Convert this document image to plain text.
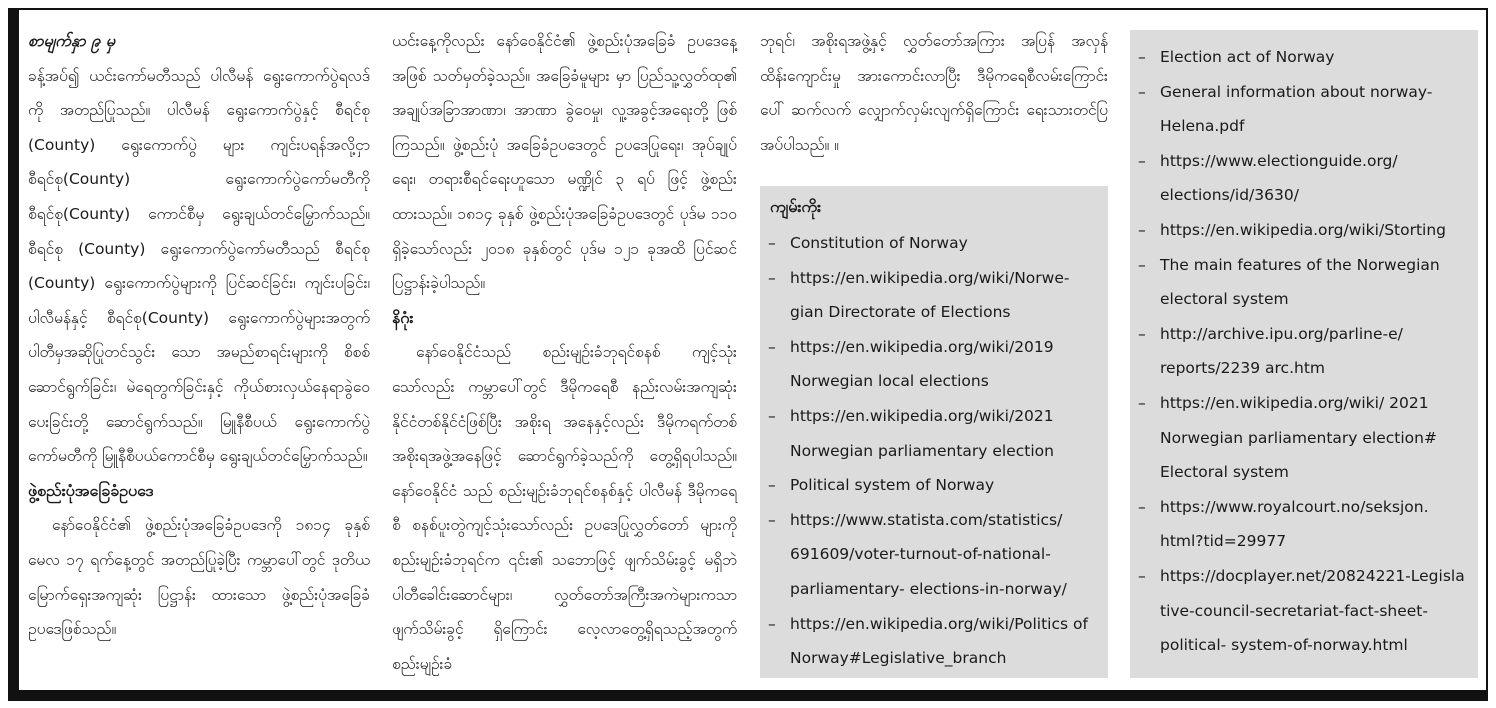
စာမျက်နှာ ၉ မှ

ခန့်အပ်၍ ယင်းကော်မတီသည် ပါလီမန် ရွေးကောက်ပွဲရလဒ်ကို အတည်ပြုသည်။ ပါလီမန် ရွေးကောက်ပွဲနှင့် စီရင်စု (County) ရွေးကောက်ပွဲ များ ကျင်းပရန်အလို့ငှာ စီရင်စု(County) ရွေးကောက်ပွဲကော်မတီကို စီရင်စု(County) ကောင်စီမှ ရွေးချယ်တင်မြှောက်သည်။ စီရင်စု (County) ရွေးကောက်ပွဲကော်မတီသည် စီရင်စု (County) ရွေးကောက်ပွဲများကို ပြင်ဆင်ခြင်း၊ ကျင်းပခြင်း၊ ပါလီမန်နှင့် စီရင်စု(County) ရွေးကောက်ပွဲများအတွက် ပါတီမှအဆိုပြုတင်သွင်း သော အမည်စာရင်းများကို စိစစ်ဆောင်ရွက်ခြင်း၊ မဲရေတွက်ခြင်းနှင့် ကိုယ်စားလှယ်နေရာခွဲဝေ ပေးခြင်းတို့ ဆောင်ရွက်သည်။ မြူနီစီပယ် ရွေးကောက်ပွဲကော်မတီကို မြူနီစီပယ်ကောင်စီမှ ရွေးချယ်တင်မြှောက်သည်။

ဖွဲ့စည်းပုံအခြေခံဥပဒေ

နော်ဝေနိုင်ငံ၏ ဖွဲ့စည်းပုံအခြေခံဥပဒေကို ၁၈၁၄ ခုနှစ် မေလ ၁၇ ရက်နေ့တွင် အတည်ပြုခဲ့ပြီး ကမ္ဘာပေါ်တွင် ဒုတိယမြောက်ရှေးအကျဆုံး ပြဋ္ဌာန်း ထားသော ဖွဲ့စည်းပုံအခြေခံဥပဒေဖြစ်သည်။

ယင်းနေ့ကိုလည်း နော်ဝေနိုင်ငံ၏ ဖွဲ့စည်းပုံအခြေခံ ဥပဒေနေ့အဖြစ် သတ်မှတ်ခဲ့သည်။ အခြေခံမူများ မှာ ပြည်သူ့လွှတ်ထု၏ အချုပ်အခြာအာဏာ၊ အာဏာ ခွဲဝေမှု၊ လူ့အခွင့်အရေးတို့ ဖြစ်ကြသည်။ ဖွဲ့စည်းပုံ အခြေခံဥပဒေတွင် ဥပဒေပြုရေး၊ အုပ်ချုပ်ရေး၊ တရားစီရင်ရေးဟူသော မဏ္ဍိုင် ၃ ရပ် ဖြင့် ဖွဲ့စည်း ထားသည်။ ၁၈၁၄ ခုနှစ် ဖွဲ့စည်းပုံအခြေခံဥပဒေတွင် ပုဒ်မ ၁၁၀ ရှိခဲ့သော်လည်း ၂၀၁၈ ခုနှစ်တွင် ပုဒ်မ ၁၂၁ ခုအထိ ပြင်ဆင်ပြဋ္ဌာန်းခဲ့ပါသည်။

နိဂုံး

နော်ဝေနိုင်ငံသည် စည်းမျဉ်းခံဘုရင်စနစ် ကျင့်သုံးသော်လည်း ကမ္ဘာပေါ်တွင် ဒီမိုကရေစီ နည်းလမ်းအကျဆုံး နိုင်ငံတစ်နိုင်ငံဖြစ်ပြီး အစိုးရ အနေနှင့်လည်း ဒီမိုကရက်တစ်အစိုးရအဖွဲ့အနေဖြင့် ဆောင်ရွက်ခဲ့သည်ကို တွေ့ရှိရပါသည်။ နော်ဝေနိုင်ငံ သည် စည်းမျဉ်းခံဘုရင်စနစ်နှင့် ပါလီမန် ဒီမိုကရေစီ စနစ်ပူးတွဲကျင့်သုံးသော်လည်း ဥပဒေပြုလွှတ်တော် များကို စည်းမျဉ်းခံဘုရင်က ၎င်း၏ သဘောဖြင့် ဖျက်သိမ်းခွင့် မရှိဘဲ ပါတီခေါင်းဆောင်များ၊ လွှတ်တော်အကြီးအကဲများကသာ ဖျက်သိမ်းခွင့် ရှိကြောင်း လေ့လာတွေ့ရှိရသည့်အတွက် စည်းမျဉ်းခံ

ဘုရင်၊ အစိုးရအဖွဲ့နှင့် လွှတ်တော်အကြား အပြန် အလှန်ထိန်းကျောင်းမှု အားကောင်းလာပြီး ဒီမိုကရေစီလမ်းကြောင်းပေါ် ဆက်လက် လျှောက်လှမ်းလျက်ရှိကြောင်း ရေးသားတင်ပြ အပ်ပါသည်။ ။

ကျမ်းကိုး
– Constitution of Norway
– https://en.wikipedia.org/wiki/Norwe- gian Directorate of Elections
– https://en.wikipedia.org/wiki/2019 Norwegian local elections
– https://en.wikipedia.org/wiki/2021 Norwegian parliamentary election
– Political system of Norway
– https://www.statista.com/statistics/ 691609/voter-turnout-of-national- parliamentary- elections-in-norway/
– https://en.wikipedia.org/wiki/Politics of Norway#Legislative_branch
– Election act of Norway
– General information about norway- Helena.pdf
– https://www.electionguide.org/ elections/id/3630/
– https://en.wikipedia.org/wiki/Storting
– The main features of the Norwegian electoral system
– http://archive.ipu.org/parline-e/ reports/2239 arc.htm
– https://en.wikipedia.org/wiki/ 2021 Norwegian parliamentary election# Electoral system
– https://www.royalcourt.no/seksjon. html?tid=29977
– https://docplayer.net/20824221-Legisla tive-council-secretariat-fact-sheet- political- system-of-norway.html
